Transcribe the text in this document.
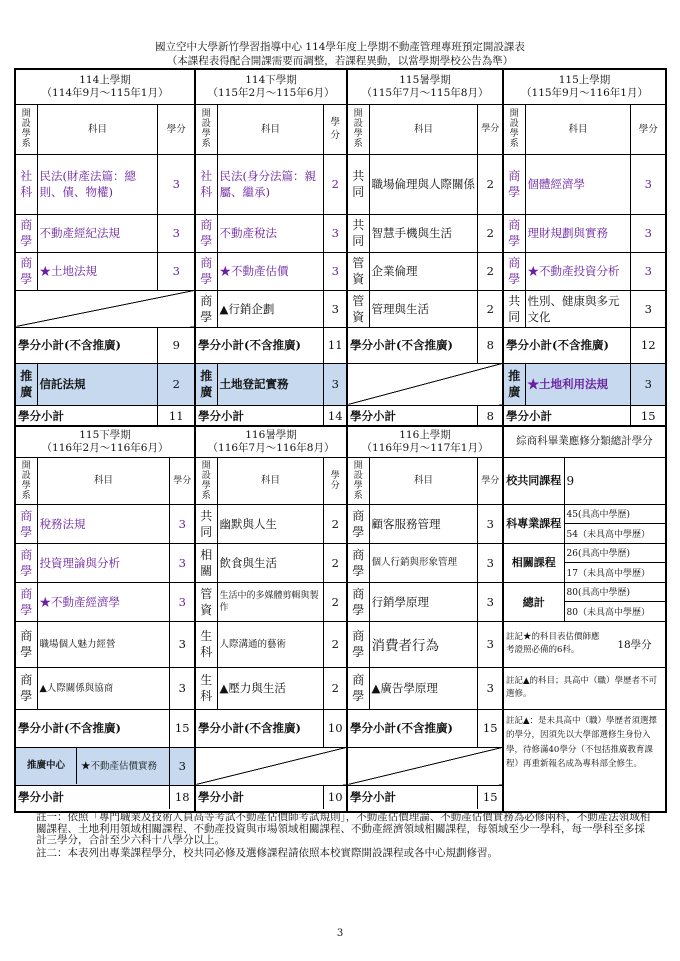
國立空中大學新竹學習指導中心 114學年度上學期不動產管理專班預定開設課表
（本課程表得配合開課需要而調整，若課程異動，以當學期學校公告為準）
114上學期
（114年9月～115年1月）		

開設學系	科目	學分
社科	民法(財產法篇：總則、債、物權)	3
商學	不動產經紀法規	3
商學	★土地法規	3

學分小計(不含推廣)		9
推廣	信託法規	2
學分小計		11
114下學期
（115年2月～115年6月）		

開設學系	科目	學分
社科	民法(身分法篇：親屬、繼承)	2
商學	不動產稅法	3
商學	★不動產估價	3
商學	▲行銷企劃	3
學分小計(不含推廣)		11
推廣	土地登記實務	3
學分小計		14
115暑學期
（115年7月～115年8月）		

開設學系	科目	學分
共同	職場倫理與人際關係	2
共同	智慧手機與生活	2
管資	企業倫理	2
管資	管理與生活	2
學分小計(不含推廣)		8

學分小計		8
115上學期
（115年9月～116年1月）		

開設學系	科目	學分
商學	個體經濟學	3
商學	理財規劃與實務	3
商學	★不動產投資分析	3
共同	性別、健康與多元文化	3
學分小計(不含推廣)		12
推廣	★土地利用法規	3
學分小計		15
115下學期
（116年2月～116年6月）		

開設學系	科目	學分
商學	稅務法規	3
商學	投資理論與分析	3
商學	★不動產經濟學	3
商學	職場個人魅力經營	3
商學	▲人際關係與協商	3
學分小計(不含推廣)		15

推廣中心 ★不動產估價實務		3
學分小計		18
116暑學期
（116年7月～116年8月）		

開設學系	科目	學分
共同	幽默與人生	2
相關	飲食與生活	2
管資	生活中的多媒體剪輯與製作	2
生科	人際溝通的藝術	2
生科	▲壓力與生活	2
學分小計(不含推廣)		10

學分小計		10
116上學期
（116年9月～117年1月）		

開設學系	科目	學分
商學	顧客服務管理	3
商學	個人行銷與形象管理	3
商學	行銷學原理	3
商學	消費者行為	3
商學	▲廣告學原理	3
學分小計(不含推廣)		15

學分小計		15
綜商科畢業應修分類總計學分		
校共同課程	9	
科專業課程	45(具高中學歷)	
	54（未具高中學歷）	
相關課程	26(具高中學歷)	
	17（未具高中學歷）	
總計	80(具高中學歷)	
	80（未具高中學歷）	
註記★的科目表估價師應考證照必備的6科。		18學分
註記▲的科目；具高中（職）學歷者不可選修。		
註記▲：是未具高中（職）學歷者須選擇的學分，因須先以大學部選修生身份入學，待修滿40學分（不包括推廣教育課程）再重新報名成為專科部全修生。		
註一：依照「專門職業及技術人員高等考試不動產估價師考試規則」，不動產估價理論、不動產估價實務為必修兩科，不動產法領域相關課程、土地利用領域相關課程、不動產投資與市場領域相關課程、不動產經濟領域相關課程，每領域至少一學科，每一學科至多採計三學分，合計至少六科十八學分以上。
註二：本表列出專業課程學分，校共同必修及選修課程請依照本校實際開設課程或各中心規劃修習。
3
